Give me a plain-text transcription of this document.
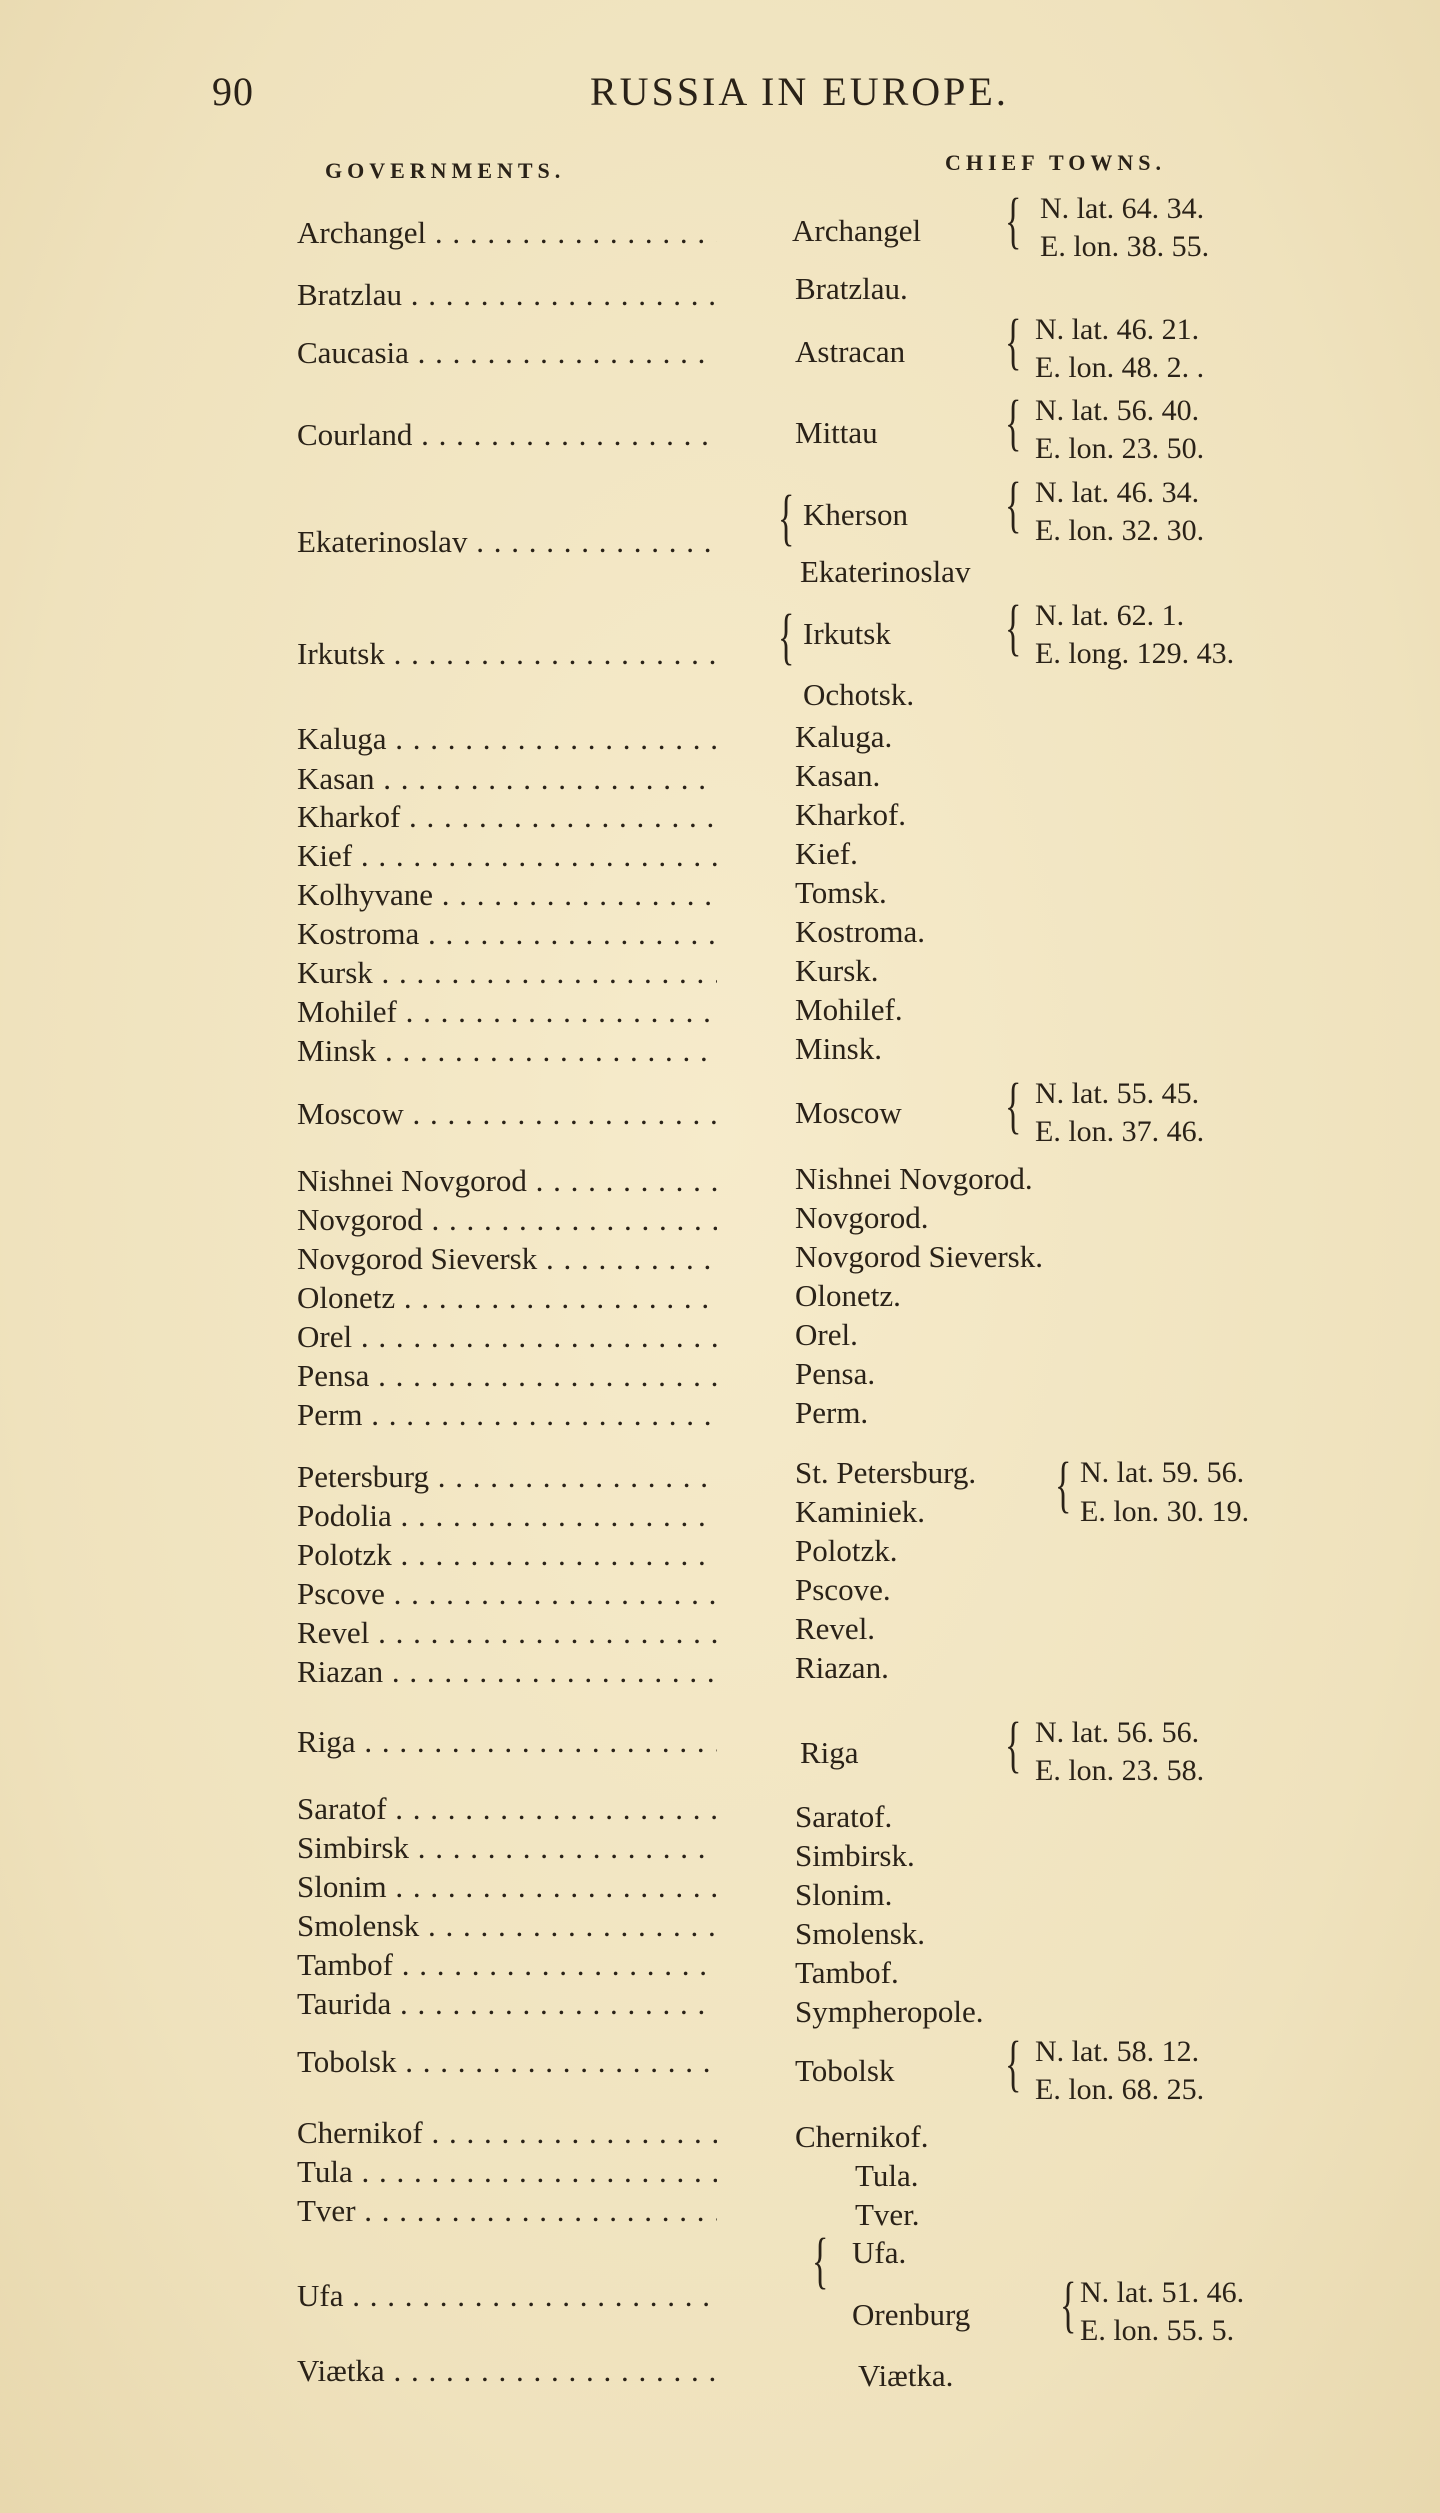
90	RUSSIA IN EUROPE.
GOVERNMENTS.	CHIEF TOWNS.
Archangel . . .
Bratzlau . . .
Caucasia . . .
Courland . . .
Ekaterinoslav . . .
Irkutsk . . .
Kaluga . . .
Kasan . . .
Kharkof . . .
Kief . . .
Kolhyvane . . .
Kostroma . . .
Kursk . . .
Mohilef . . .
Minsk . . .
Moscow . . .
Nishnei Novgorod . . .
Novgorod . . .
Novgorod Sieversk . . .
Olonetz . . .
Orel . . .
Pensa . . .
Perm . . .
Petersburg . . .
Podolia . . .
Polotzk . . .
Pscove . . .
Revel . . .
Riazan . . .
Riga . . .
Saratof . . .
Simbirsk . . .
Slonim . . .
Smolensk . . .
Tambof . . .
Taurida . . .
Tobolsk . . .
Chernikof . . .
Tula . . .
Tver . . .
Ufa . . .
Viætka . . .
Archangel
Bratzlau.
Astracan
Mittau
{ Kherson
Ekaterinoslav
{ Irkutsk
Ochotsk.
Kaluga.
Kasan.
Kharkof.
Kief.
Tomsk.
Kostroma.
Kursk.
Mohilef.
Minsk.
Moscow
Nishnei Novgorod.
Novgorod.
Novgorod Sieversk.
Olonetz.
Orel.
Pensa.
Perm.
St. Petersburg.
Kaminiek.
Polotzk.
Pscove.
Revel.
Riazan.
Riga
Saratof.
Simbirsk.
Slonim.
Smolensk.
Tambof.
Sympheropole.
Tobolsk
Chernikof.
Tula.
Tver.
{ Ufa.
Orenburg
Viætka.
{ N. lat. 64. 34.
E. lon. 38. 55.
{ N. lat. 46. 21.
E. lon. 48. 2. .
{ N. lat. 56. 40.
E. lon. 23. 50.
{ N. lat. 46. 34.
E. lon. 32. 30.
{ N. lat. 62. 1.
E. long. 129. 43.
{ N. lat. 55. 45.
E. lon. 37. 46.
{ N. lat. 59. 56.
E. lon. 30. 19.
{ N. lat. 56. 56.
E. lon. 23. 58.
{ N. lat. 58. 12.
E. lon. 68. 25.
{ N. lat. 51. 46.
E. lon. 55. 5.
